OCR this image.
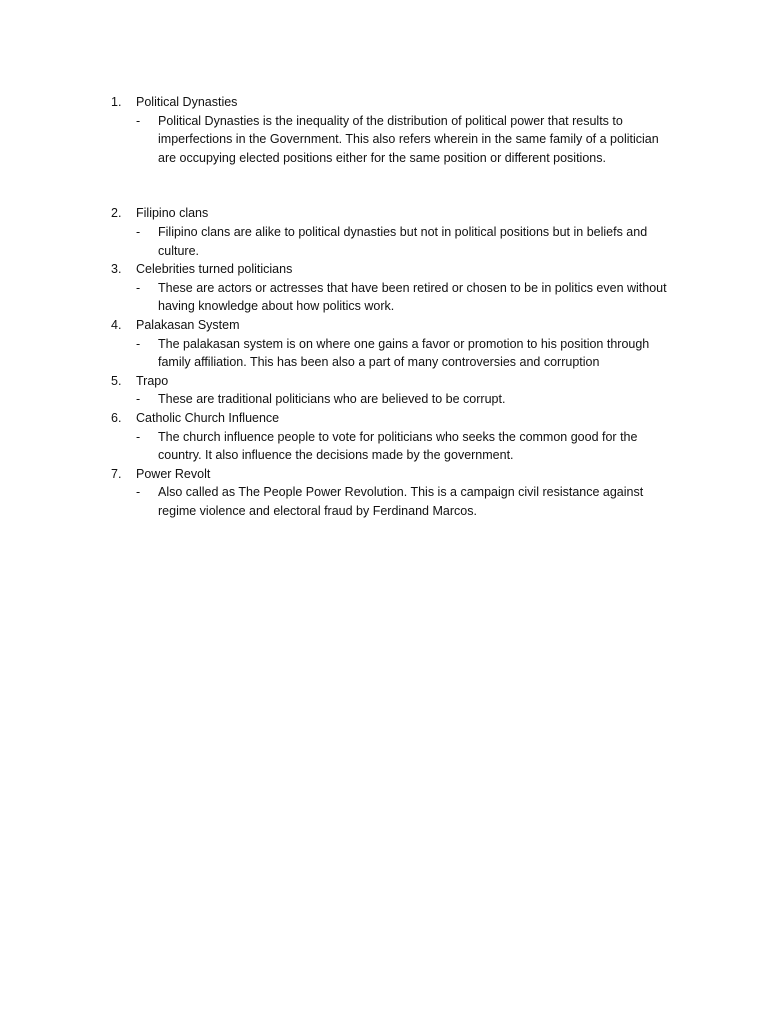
1.	Political Dynasties
-	Political Dynasties is the inequality of the distribution of political power that results to imperfections in the Government. This also refers wherein in the same family of a politician are occupying elected positions either for the same position or different positions.
2.	Filipino clans
-	Filipino clans are alike to political dynasties but not in political positions but in beliefs and culture.
3.	Celebrities turned politicians
-	These are actors or actresses that have been retired or chosen to be in politics even without having knowledge about how politics work.
4.	Palakasan System
-	The palakasan system is on where one gains a favor or promotion to his position through family affiliation. This has been also a part of many controversies and corruption
5.	Trapo
-	These are traditional politicians who are believed to be corrupt.
6.	Catholic Church Influence
-	The church influence people to vote for politicians who seeks the common good for the country. It also influence the decisions made by the government.
7.	Power Revolt
-	Also called as The People Power Revolution. This is a campaign civil resistance against regime violence and electoral fraud by Ferdinand Marcos.
